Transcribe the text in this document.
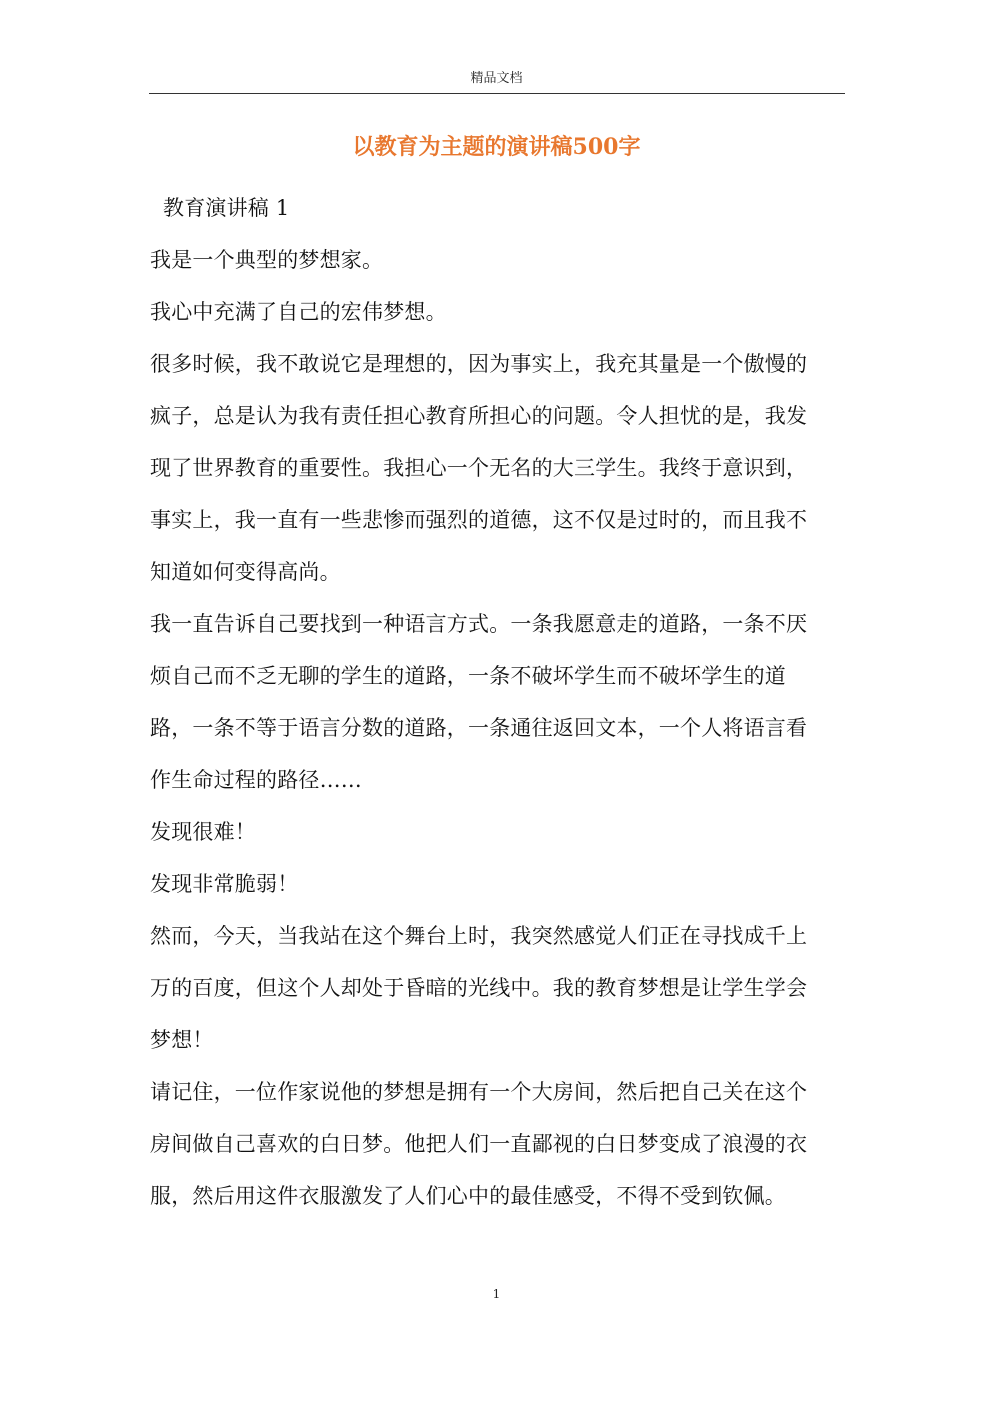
精品文档
以教育为主题的演讲稿500字

教育演讲稿 1

我是一个典型的梦想家。

我心中充满了自己的宏伟梦想。

很多时候，我不敢说它是理想的，因为事实上，我充其量是一个傲慢的疯子，总是认为我有责任担心教育所担心的问题。令人担忧的是，我发现了世界教育的重要性。我担心一个无名的大三学生。我终于意识到，事实上，我一直有一些悲惨而强烈的道德，这不仅是过时的，而且我不知道如何变得高尚。

我一直告诉自己要找到一种语言方式。一条我愿意走的道路，一条不厌烦自己而不乏无聊的学生的道路，一条不破坏学生而不破坏学生的道路，一条不等于语言分数的道路，一条通往返回文本，一个人将语言看作生命过程的路径……

发现很难！

发现非常脆弱！

然而，今天，当我站在这个舞台上时，我突然感觉人们正在寻找成千上万的百度，但这个人却处于昏暗的光线中。我的教育梦想是让学生学会梦想！

请记住，一位作家说他的梦想是拥有一个大房间，然后把自己关在这个房间做自己喜欢的白日梦。他把人们一直鄙视的白日梦变成了浪漫的衣服，然后用这件衣服激发了人们心中的最佳感受，不得不受到钦佩。

1
